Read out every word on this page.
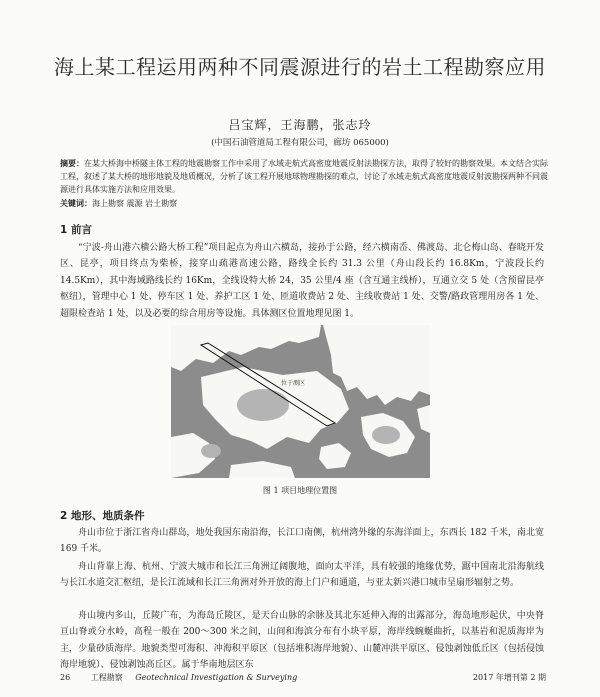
海上某工程运用两种不同震源进行的岩土工程勘察应用
吕宝辉，王海鹏，张志玲
(中国石油管道局工程有限公司，廊坊 065000)
摘要：在某大桥海中桥隧主体工程的地震勘察工作中采用了水域走航式高密度地震反射法勘探方法，取得了较好的勘察效果。本文结合实际工程，叙述了某大桥的地形地貌及地质概况，分析了该工程开展地球物理勘探的难点，讨论了水域走航式高密度地震反射波勘探两种不同震源进行具体实施方法和应用效果。
关键词：海上勘察 震源 岩土勘察
1 前言
“宁波-舟山港六横公路大桥工程”项目起点为舟山六横岛，接孙于公路，经六横南岙、佛渡岛、北仑梅山岛、春晓开发区、昆亭，项目终点为柴桥，接穿山疏港高速公路，路线全长约 31.3 公里（舟山段长约 16.8Km，宁波段长约 14.5Km），其中海域路线长约 16Km，全线设特大桥 24，35 公里/4 座（含互通主线桥），互通立交 5 处（含预留昆亭枢纽），管理中心 1 处、停车区 1 处、养护工区 1 处、匝道收费站 2 处、主线收费站 1 处、交警/路政管理用房各 1 处、超限检查站 1 处，以及必要的综合用房等设施。具体测区位置地理见图 1。
位于测区
图 1 项目地理位置图
2 地形、地质条件
舟山市位于浙江省舟山群岛，地处我国东南沿海，长江口南侧，杭州湾外缘的东海洋面上，东西长 182 千米，南北宽 169 千米。
舟山背靠上海、杭州、宁波大城市和长江三角洲辽阔腹地，面向太平洋，具有较强的地缘优势，踞中国南北沿海航线与长江水道交汇枢纽，是长江流域和长江三角洲对外开放的海上门户和通道，与亚太新兴港口城市呈扇形辐射之势。
舟山境内多山，丘陵广布，为海岛丘陵区，是天台山脉的余脉及其北东延伸入海的出露部分，海岛地形起伏，中央脊亘山脊或分水岭，高程一般在 200～300 米之间，山间和海滨分布有小块平原，海岸线蜿蜒曲折，以基岩和泥质海岸为主，少量砂质海岸。地貌类型可海积、冲海积平原区（包括堆积海岸地貌）、山麓冲洪平原区、侵蚀剥蚀低丘区（包括侵蚀海岸地貌）、侵蚀剥蚀高丘区。属于华南地层区东
26	工程勘察 Geotechnical Investigation & Surveying	2017 年增刊第 2 期
